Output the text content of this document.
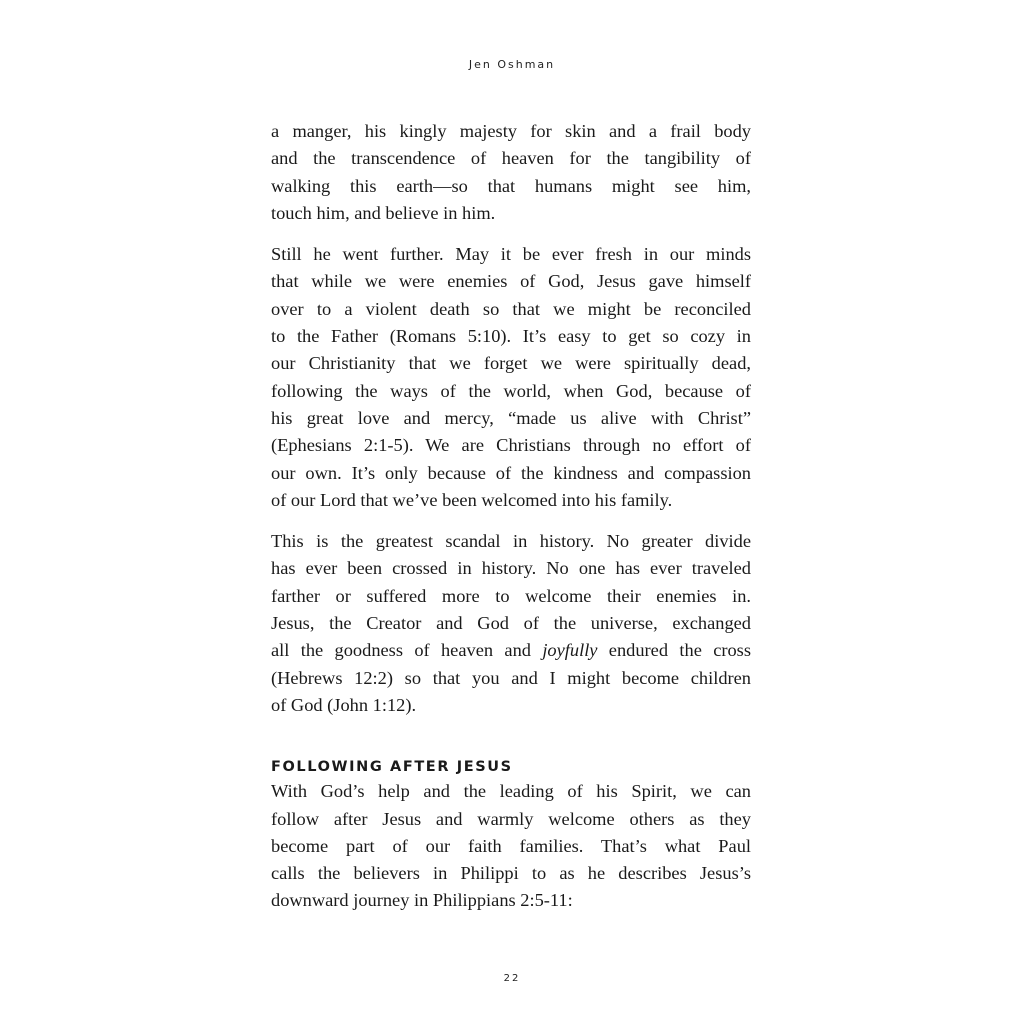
Jen Oshman

a manger, his kingly majesty for skin and a frail body
and the transcendence of heaven for the tangibility of
walking this earth—so that humans might see him,
touch him, and believe in him.

Still he went further. May it be ever fresh in our minds
that while we were enemies of God, Jesus gave himself
over to a violent death so that we might be reconciled
to the Father (Romans 5:10). It’s easy to get so cozy in
our Christianity that we forget we were spiritually dead,
following the ways of the world, when God, because of
his great love and mercy, “made us alive with Christ”
(Ephesians 2:1-5). We are Christians through no effort of
our own. It’s only because of the kindness and compassion
of our Lord that we’ve been welcomed into his family.

This is the greatest scandal in history. No greater divide
has ever been crossed in history. No one has ever traveled
farther or suffered more to welcome their enemies in.
Jesus, the Creator and God of the universe, exchanged
all the goodness of heaven and joyfully endured the cross
(Hebrews 12:2) so that you and I might become children
of God (John 1:12).

FOLLOWING AFTER JESUS

With God’s help and the leading of his Spirit, we can
follow after Jesus and warmly welcome others as they
become part of our faith families. That’s what Paul
calls the believers in Philippi to as he describes Jesus’s
downward journey in Philippians 2:5-11:

22
